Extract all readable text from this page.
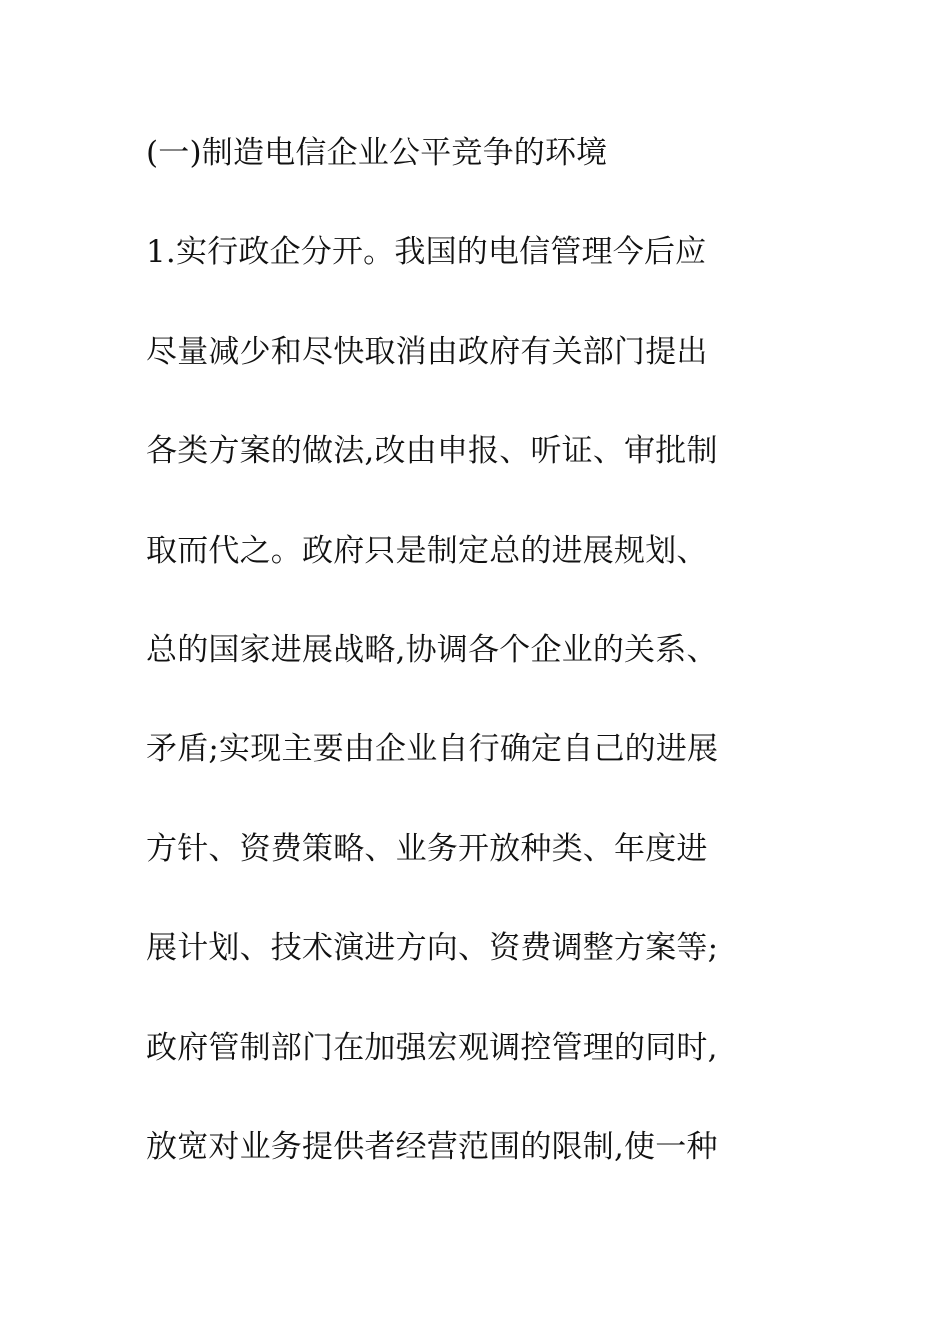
(一)制造电信企业公平竞争的环境
1.实行政企分开。我国的电信管理今后应
尽量减少和尽快取消由政府有关部门提出
各类方案的做法,改由申报、听证、审批制
取而代之。政府只是制定总的进展规划、
总的国家进展战略,协调各个企业的关系、
矛盾;实现主要由企业自行确定自己的进展
方针、资费策略、业务开放种类、年度进
展计划、技术演进方向、资费调整方案等;
政府管制部门在加强宏观调控管理的同时,
放宽对业务提供者经营范围的限制,使一种
